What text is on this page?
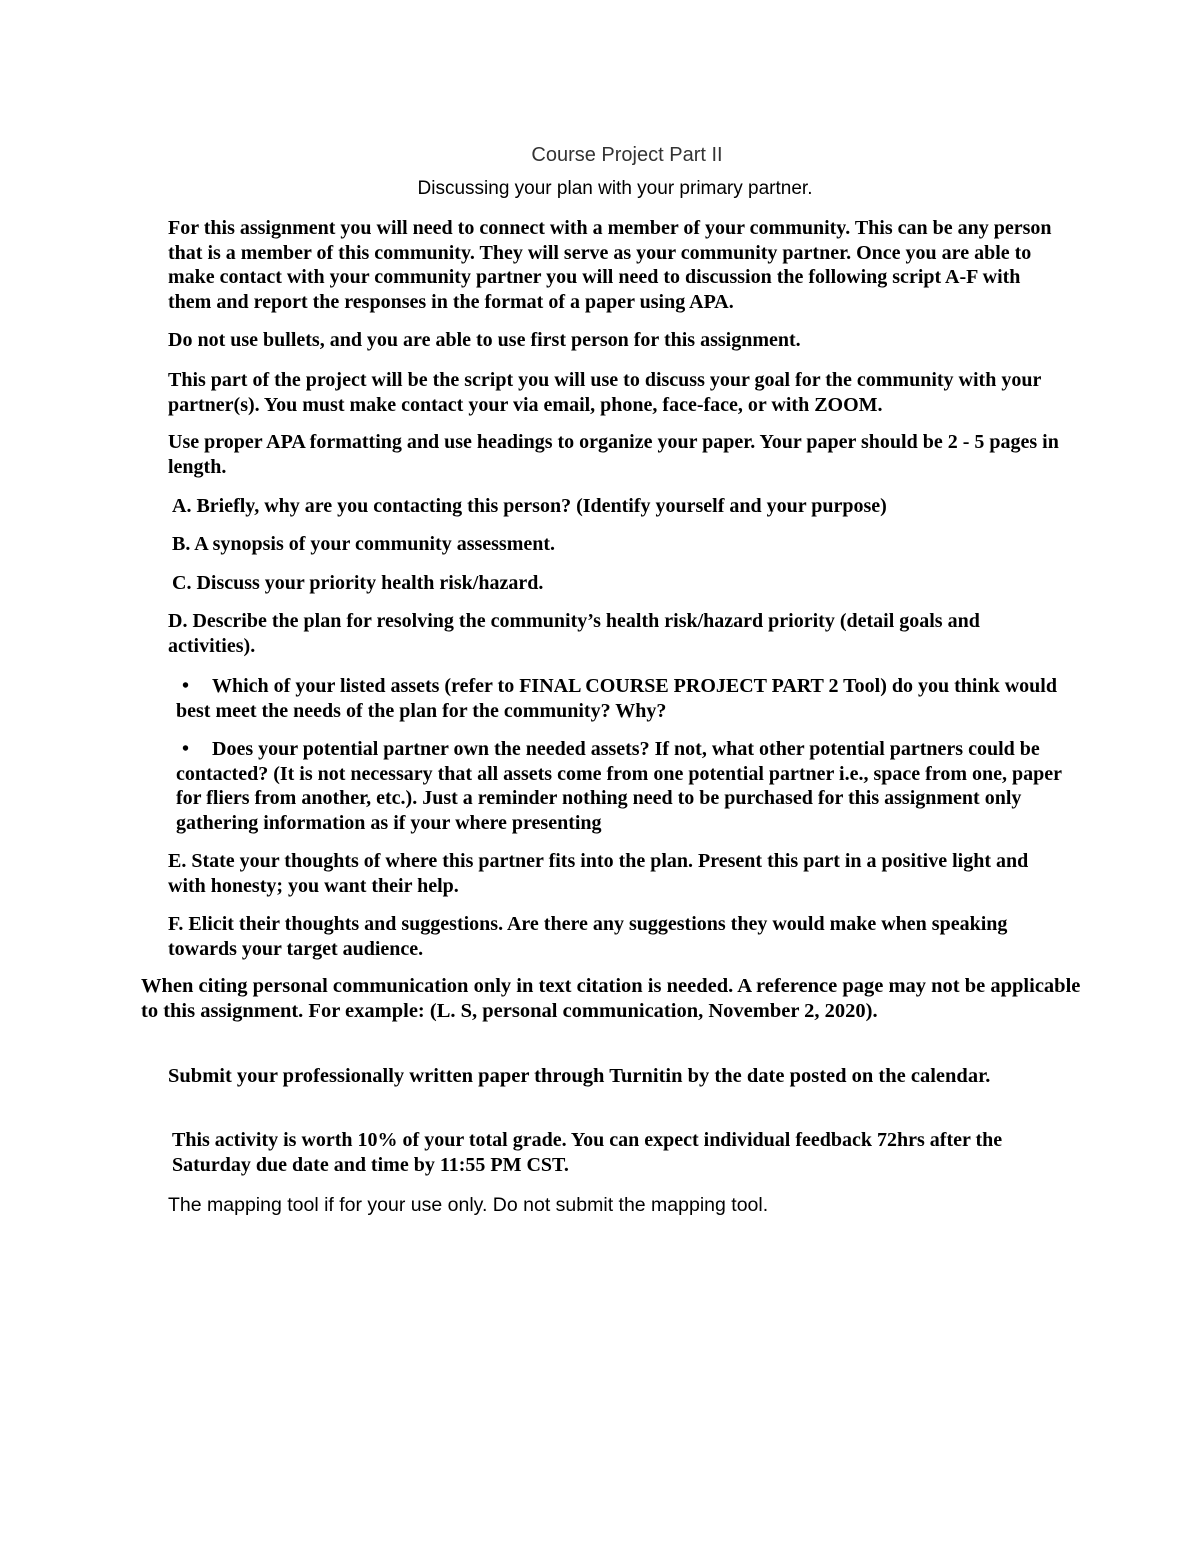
Course Project Part II

Discussing your plan with your primary partner.

For this assignment you will need to connect with a member of your community. This can be any person that is a member of this community. They will serve as your community partner. Once you are able to make contact with your community partner you will need to discussion the following script A-F with them and report the responses in the format of a paper using APA.

Do not use bullets, and you are able to use first person for this assignment.

This part of the project will be the script you will use to discuss your goal for the community with your partner(s). You must make contact your via email, phone, face-face, or with ZOOM.

Use proper APA formatting and use headings to organize your paper. Your paper should be 2 - 5 pages in length.

A. Briefly, why are you contacting this person? (Identify yourself and your purpose)

B. A synopsis of your community assessment.

C. Discuss your priority health risk/hazard.

D. Describe the plan for resolving the community’s health risk/hazard priority (detail goals and activities).

• Which of your listed assets (refer to FINAL COURSE PROJECT PART 2 Tool) do you think would best meet the needs of the plan for the community? Why?

• Does your potential partner own the needed assets? If not, what other potential partners could be contacted? (It is not necessary that all assets come from one potential partner i.e., space from one, paper for fliers from another, etc.). Just a reminder nothing need to be purchased for this assignment only gathering information as if your where presenting

E. State your thoughts of where this partner fits into the plan. Present this part in a positive light and with honesty; you want their help.

F. Elicit their thoughts and suggestions. Are there any suggestions they would make when speaking towards your target audience.

When citing personal communication only in text citation is needed. A reference page may not be applicable to this assignment. For example: (L. S, personal communication, November 2, 2020).

Submit your professionally written paper through Turnitin by the date posted on the calendar.

This activity is worth 10% of your total grade. You can expect individual feedback 72hrs after the Saturday due date and time by 11:55 PM CST.

The mapping tool if for your use only. Do not submit the mapping tool.
